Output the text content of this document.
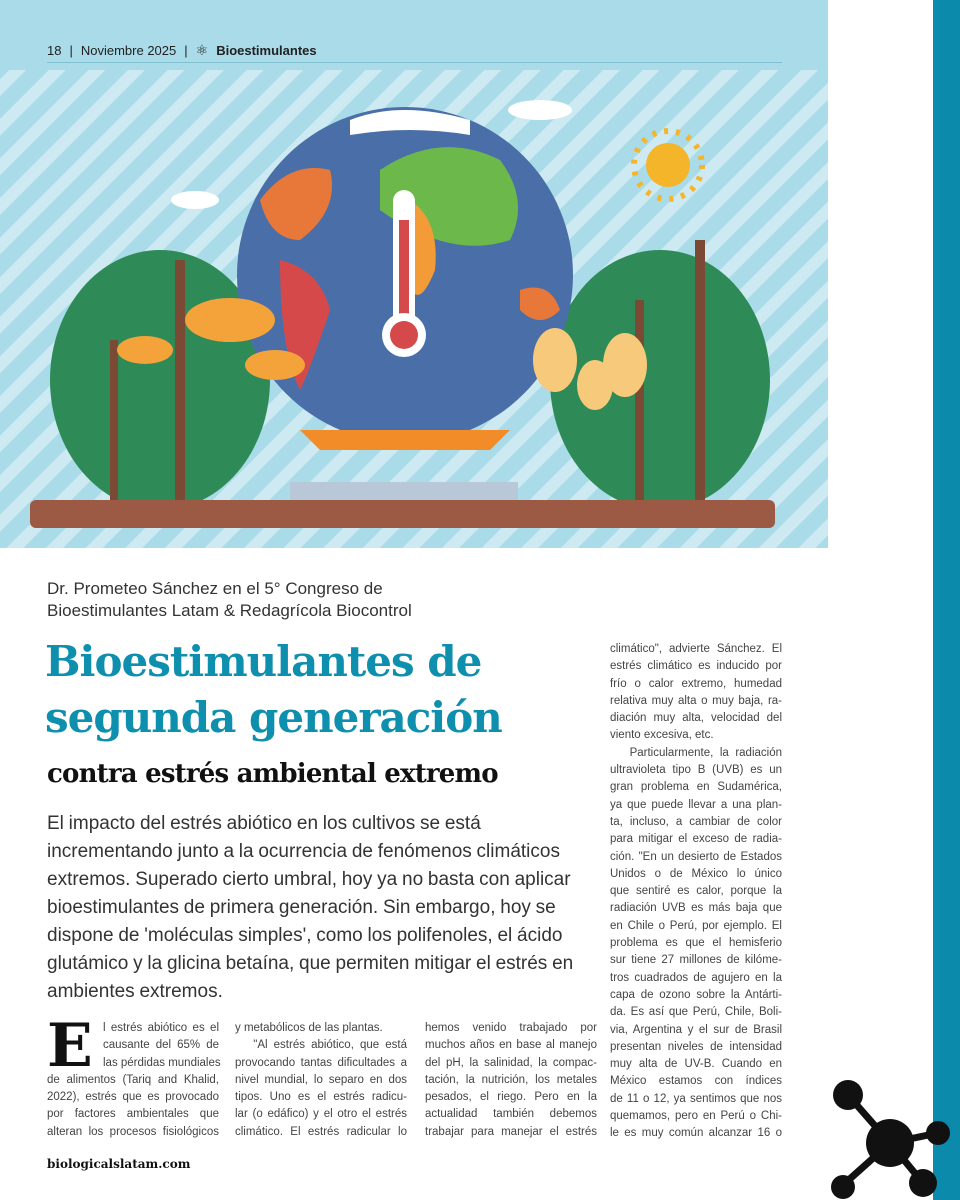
18 | Noviembre 2025 | ⚛ Bioestimulantes
Dr. Prometeo Sánchez en el 5° Congreso de
Bioestimulantes Latam & Redagrícola Biocontrol
Bioestimulantes de
segunda generación
contra estrés ambiental extremo
El impacto del estrés abiótico en los cultivos se está incrementando junto a la ocurrencia de fenómenos climáticos extremos. Superado cierto umbral, hoy ya no basta con aplicar bioestimulantes de primera generación. Sin embargo, hoy se dispone de 'moléculas simples', como los polifenoles, el ácido glutámico y la glicina betaína, que permiten mitigar el estrés en ambientes extremos.
E l estrés abiótico es el
causante del 65% de
las pérdidas mundiales
de alimentos (Tariq and Khalid,
2022), estrés que es provocado
por factores ambientales que
alteran los procesos fisiológicos
y metabólicos de las plantas.
"Al estrés abiótico, que está
provocando tantas dificultades a
nivel mundial, lo separo en dos
tipos. Uno es el estrés radicu-
lar (o edáfico) y el otro el estrés
climático. El estrés radicular lo
hemos venido trabajado por
muchos años en base al manejo
del pH, la salinidad, la compac-
tación, la nutrición, los metales
pesados, el riego. Pero en la
actualidad también debemos
trabajar para manejar el estrés
climático", advierte Sánchez. El
estrés climático es inducido por
frío o calor extremo, humedad
relativa muy alta o muy baja, ra-
diación muy alta, velocidad del
viento excesiva, etc.
Particularmente, la radiación
ultravioleta tipo B (UVB) es un
gran problema en Sudamérica,
ya que puede llevar a una plan-
ta, incluso, a cambiar de color
para mitigar el exceso de radia-
ción. "En un desierto de Estados
Unidos o de México lo único
que sentiré es calor, porque la
radiación UVB es más baja que
en Chile o Perú, por ejemplo. El
problema es que el hemisferio
sur tiene 27 millones de kilóme-
tros cuadrados de agujero en la
capa de ozono sobre la Antárti-
da. Es así que Perú, Chile, Boli-
via, Argentina y el sur de Brasil
presentan niveles de intensidad
muy alta de UV-B. Cuando en
México estamos con índices
de 11 o 12, ya sentimos que nos
quemamos, pero en Perú o Chi-
le es muy común alcanzar 16 o
biologicalslatam.com
